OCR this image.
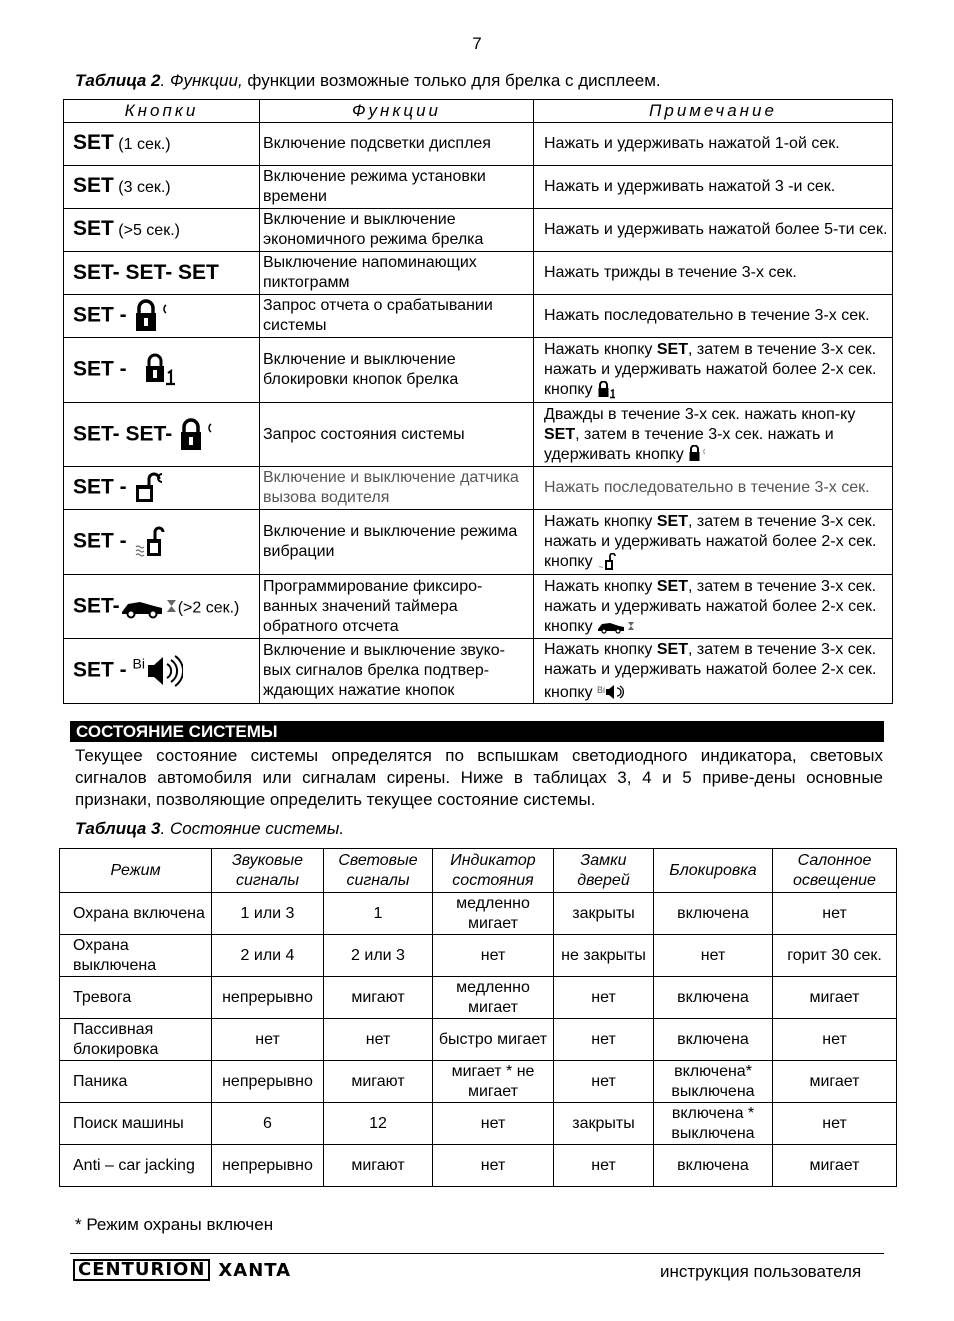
7
Таблица 2. Функции, функции возможные только для брелка с дисплеем.
Кнопки	Функции	Примечание
SET (1 сек.)	Включение подсветки дисплея	Нажать и удерживать нажатой 1-ой сек.
SET (3 сек.)	Включение режима установки времени	Нажать и удерживать нажатой 3 -и сек.
SET (>5 сек.)	Включение и выключение экономичного режима брелка	Нажать и удерживать нажатой более 5-ти сек.
SET- SET- SET	Выключение напоминающих пиктограмм	Нажать трижды в течение 3-х сек.
SET -	Запрос отчета о срабатывании системы	Нажать последовательно в течение 3-х сек.
SET -	Включение и выключение блокировки кнопок брелка	Нажать кнопку SET, затем в течение 3-х сек. нажать и удерживать нажатой более 2-х сек. кнопку
SET- SET-	Запрос состояния системы	Дважды в течение 3-х сек. нажать кноп-ку SET, затем в течение 3-х сек. нажать и удерживать кнопку
SET -	Включение и выключение датчика вызова водителя	Нажать последовательно в течение 3-х сек.
SET -	Включение и выключение режима вибрации	Нажать кнопку SET, затем в течение 3-х сек. нажать и удерживать нажатой более 2-х сек. кнопку
SET- (>2 сек.)	Программирование фиксиро-ванных значений таймера обратного отсчета	Нажать кнопку SET, затем в течение 3-х сек. нажать и удерживать нажатой более 2-х сек. кнопку
SET - $^{Bi}$	Включение и выключение звуко-вых сигналов брелка подтвер-ждающих нажатие кнопок	Нажать кнопку SET, затем в течение 3-х сек. нажать и удерживать нажатой более 2-х сек. кнопку $^{Bi}$
СОСТОЯНИЕ СИСТЕМЫ
Текущее состояние системы определятся по вспышкам светодиодного индикатора, световых сигналов автомобиля или сигналам сирены. Ниже в таблицах 3, 4 и 5 приве-дены основные признаки, позволяющие определить текущее состояние системы.
Таблица 3. Состояние системы.
Режим	Звуковые сигналы	Световые сигналы	Индикатор состояния	Замки дверей	Блокировка	Салонное освещение
Охрана включена	1 или 3	1	медленно мигает	закрыты	включена	нет
Охрана выключена	2 или 4	2 или 3	нет	не закрыты	нет	горит 30 сек.
Тревога	непрерывно	мигают	медленно мигает	нет	включена	мигает
Пассивная блокировка	нет	нет	быстро мигает	нет	включена	нет
Паника	непрерывно	мигают	мигает * не мигает	нет	включена* выключена	мигает
Поиск машины	6	12	нет	закрыты	включена * выключена	нет
Anti – car jacking	непрерывно	мигают	нет	нет	включена	мигает
* Режим охраны включен
CENTURION XANTA	инструкция пользователя
